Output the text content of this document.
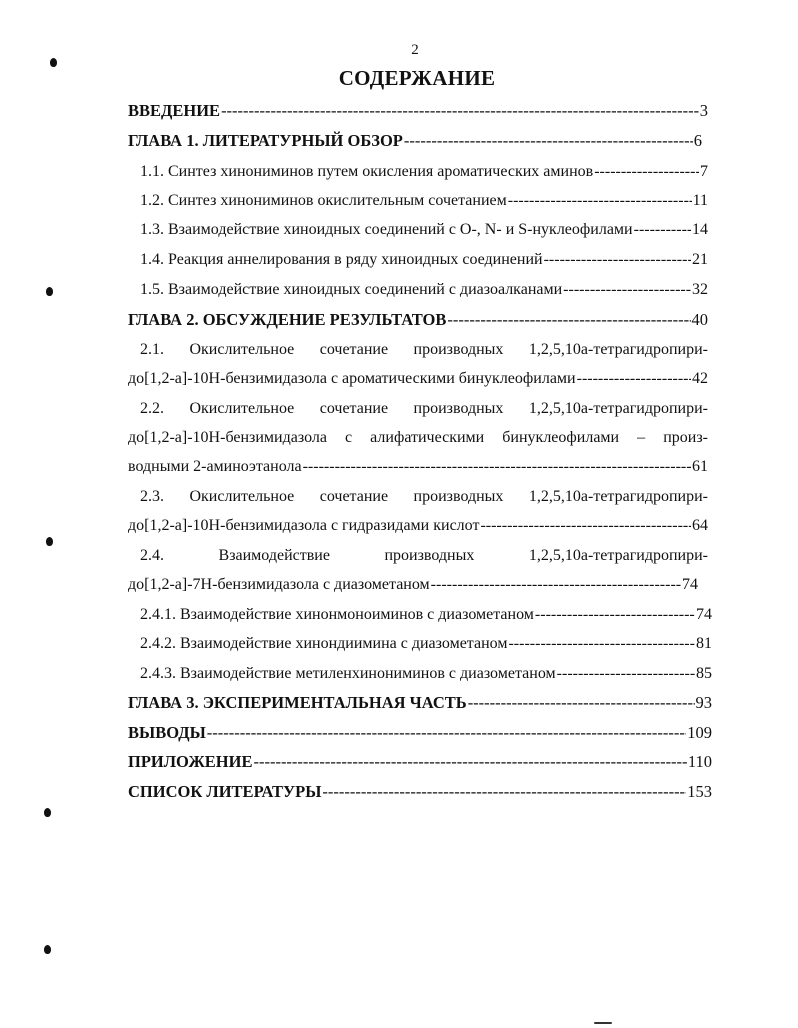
2
СОДЕРЖАНИЕ
ВВЕДЕНИЕ -----	3
ГЛАВА 1. ЛИТЕРАТУРНЫЙ ОБЗОР -----	6
1.1. Синтез хинониминов путем окисления ароматических аминов -----	7
1.2. Синтез хинониминов окислительным сочетанием -----	11
1.3. Взаимодействие хиноидных соединений с O-, N- и S-нуклеофилами -----	14
1.4. Реакция аннелирования в ряду хиноидных соединений -----	21
1.5. Взаимодействие хиноидных соединений с диазоалканами -----	32
ГЛАВА 2. ОБСУЖДЕНИЕ РЕЗУЛЬТАТОВ -----	40
2.1. Окислительное сочетание производных 1,2,5,10а-тетрагидропири-
до[1,2-a]-10H-бензимидазола с ароматическими бинуклеофилами -----	42
2.2. Окислительное сочетание производных 1,2,5,10а-тетрагидропири-
до[1,2-a]-10H-бензимидазола с алифатическими бинуклеофилами – произ-
водными 2-аминоэтанола -----	61
2.3. Окислительное сочетание производных 1,2,5,10а-тетрагидропири-
до[1,2-a]-10H-бензимидазола с гидразидами кислот -----	64
2.4.	Взаимодействие	производных	1,2,5,10а-тетрагидропири-
до[1,2-a]-7H-бензимидазола с диазометаном -----	74
2.4.1. Взаимодействие хинонмоноиминов с диазометаном -----	74
2.4.2. Взаимодействие хинондиимина с диазометаном -----	81
2.4.3. Взаимодействие метиленхинониминов с диазометаном -----	85
ГЛАВА 3. ЭКСПЕРИМЕНТАЛЬНАЯ ЧАСТЬ -----	93
ВЫВОДЫ -----	109
ПРИЛОЖЕНИЕ -----	110
СПИСОК ЛИТЕРАТУРЫ -----	153
